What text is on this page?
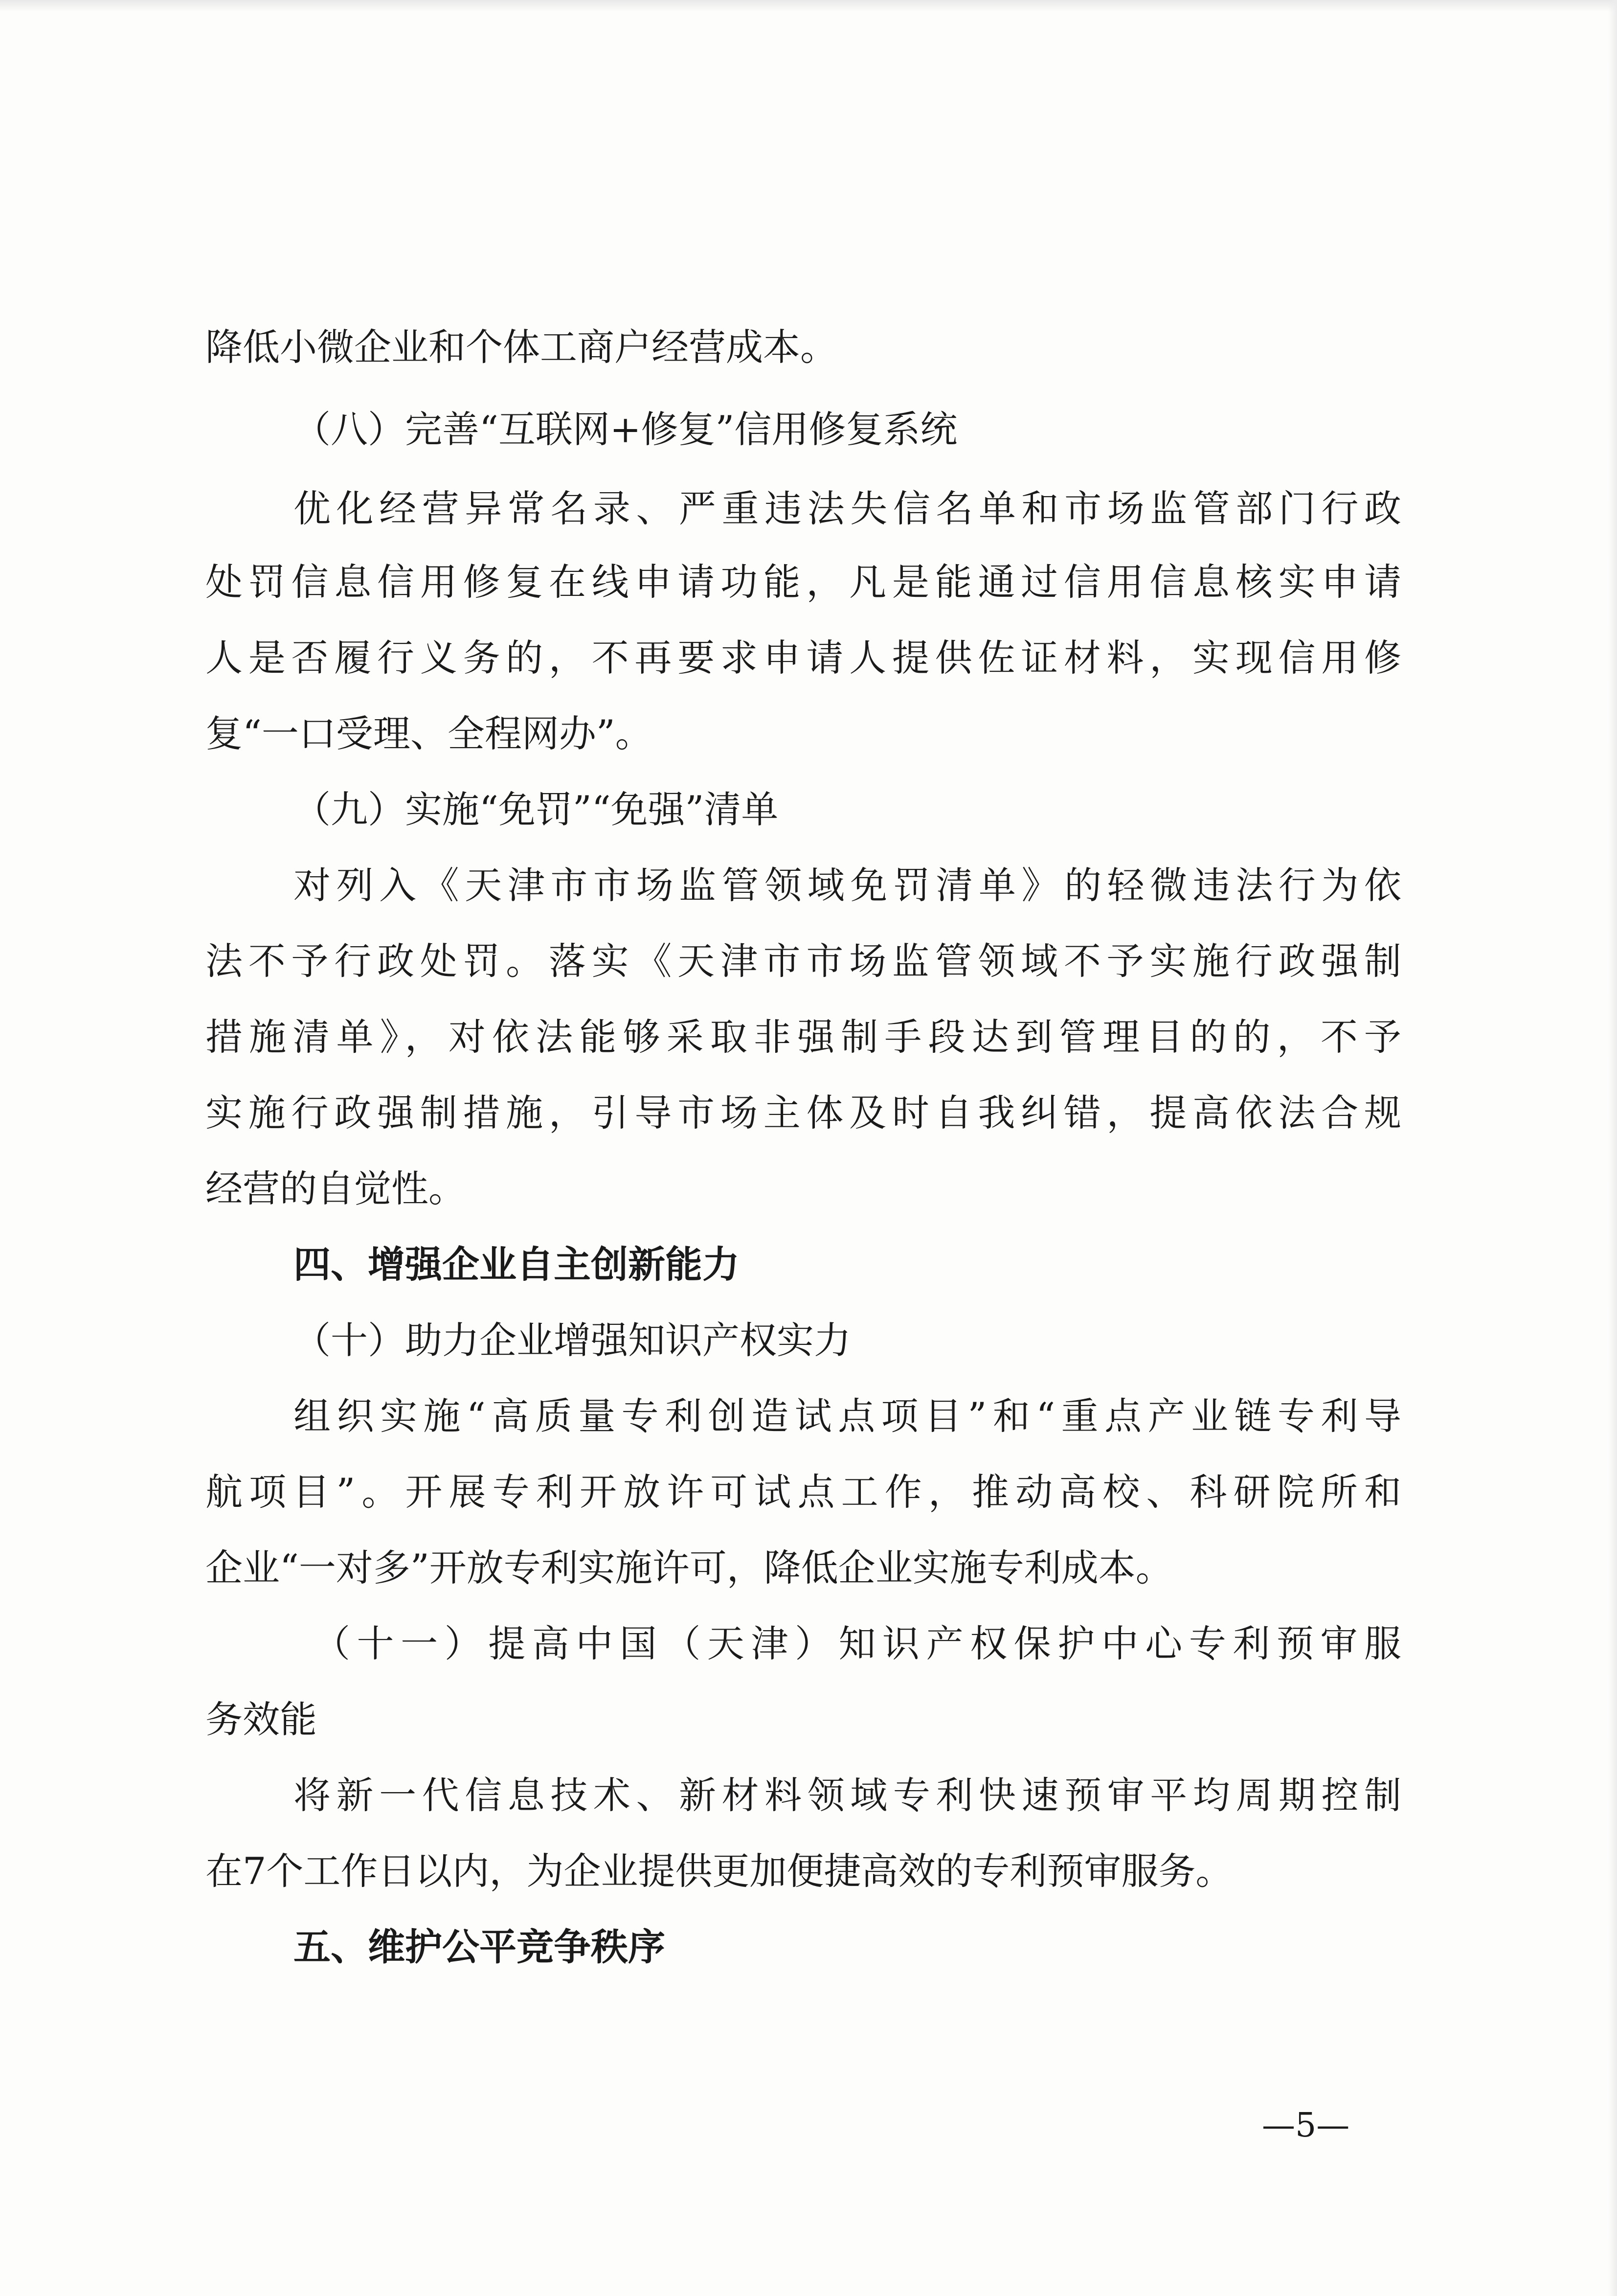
降低小微企业和个体工商户经营成本。
（八）完善“互联网+修复”信用修复系统
优化经营异常名录、严重违法失信名单和市场监管部门行政
处罚信息信用修复在线申请功能，凡是能通过信用信息核实申请
人是否履行义务的，不再要求申请人提供佐证材料，实现信用修
复“一口受理、全程网办”。
（九）实施“免罚”“免强”清单
对列入《天津市市场监管领域免罚清单》的轻微违法行为依
法不予行政处罚。落实《天津市市场监管领域不予实施行政强制
措施清单》，对依法能够采取非强制手段达到管理目的的，不予
实施行政强制措施，引导市场主体及时自我纠错，提高依法合规
经营的自觉性。
四、增强企业自主创新能力
（十）助力企业增强知识产权实力
组织实施“高质量专利创造试点项目”和“重点产业链专利导
航项目”。开展专利开放许可试点工作，推动高校、科研院所和
企业“一对多”开放专利实施许可，降低企业实施专利成本。
（十一）提高中国（天津）知识产权保护中心专利预审服
务效能
将新一代信息技术、新材料领域专利快速预审平均周期控制
在7个工作日以内，为企业提供更加便捷高效的专利预审服务。
五、维护公平竞争秩序
—5—
